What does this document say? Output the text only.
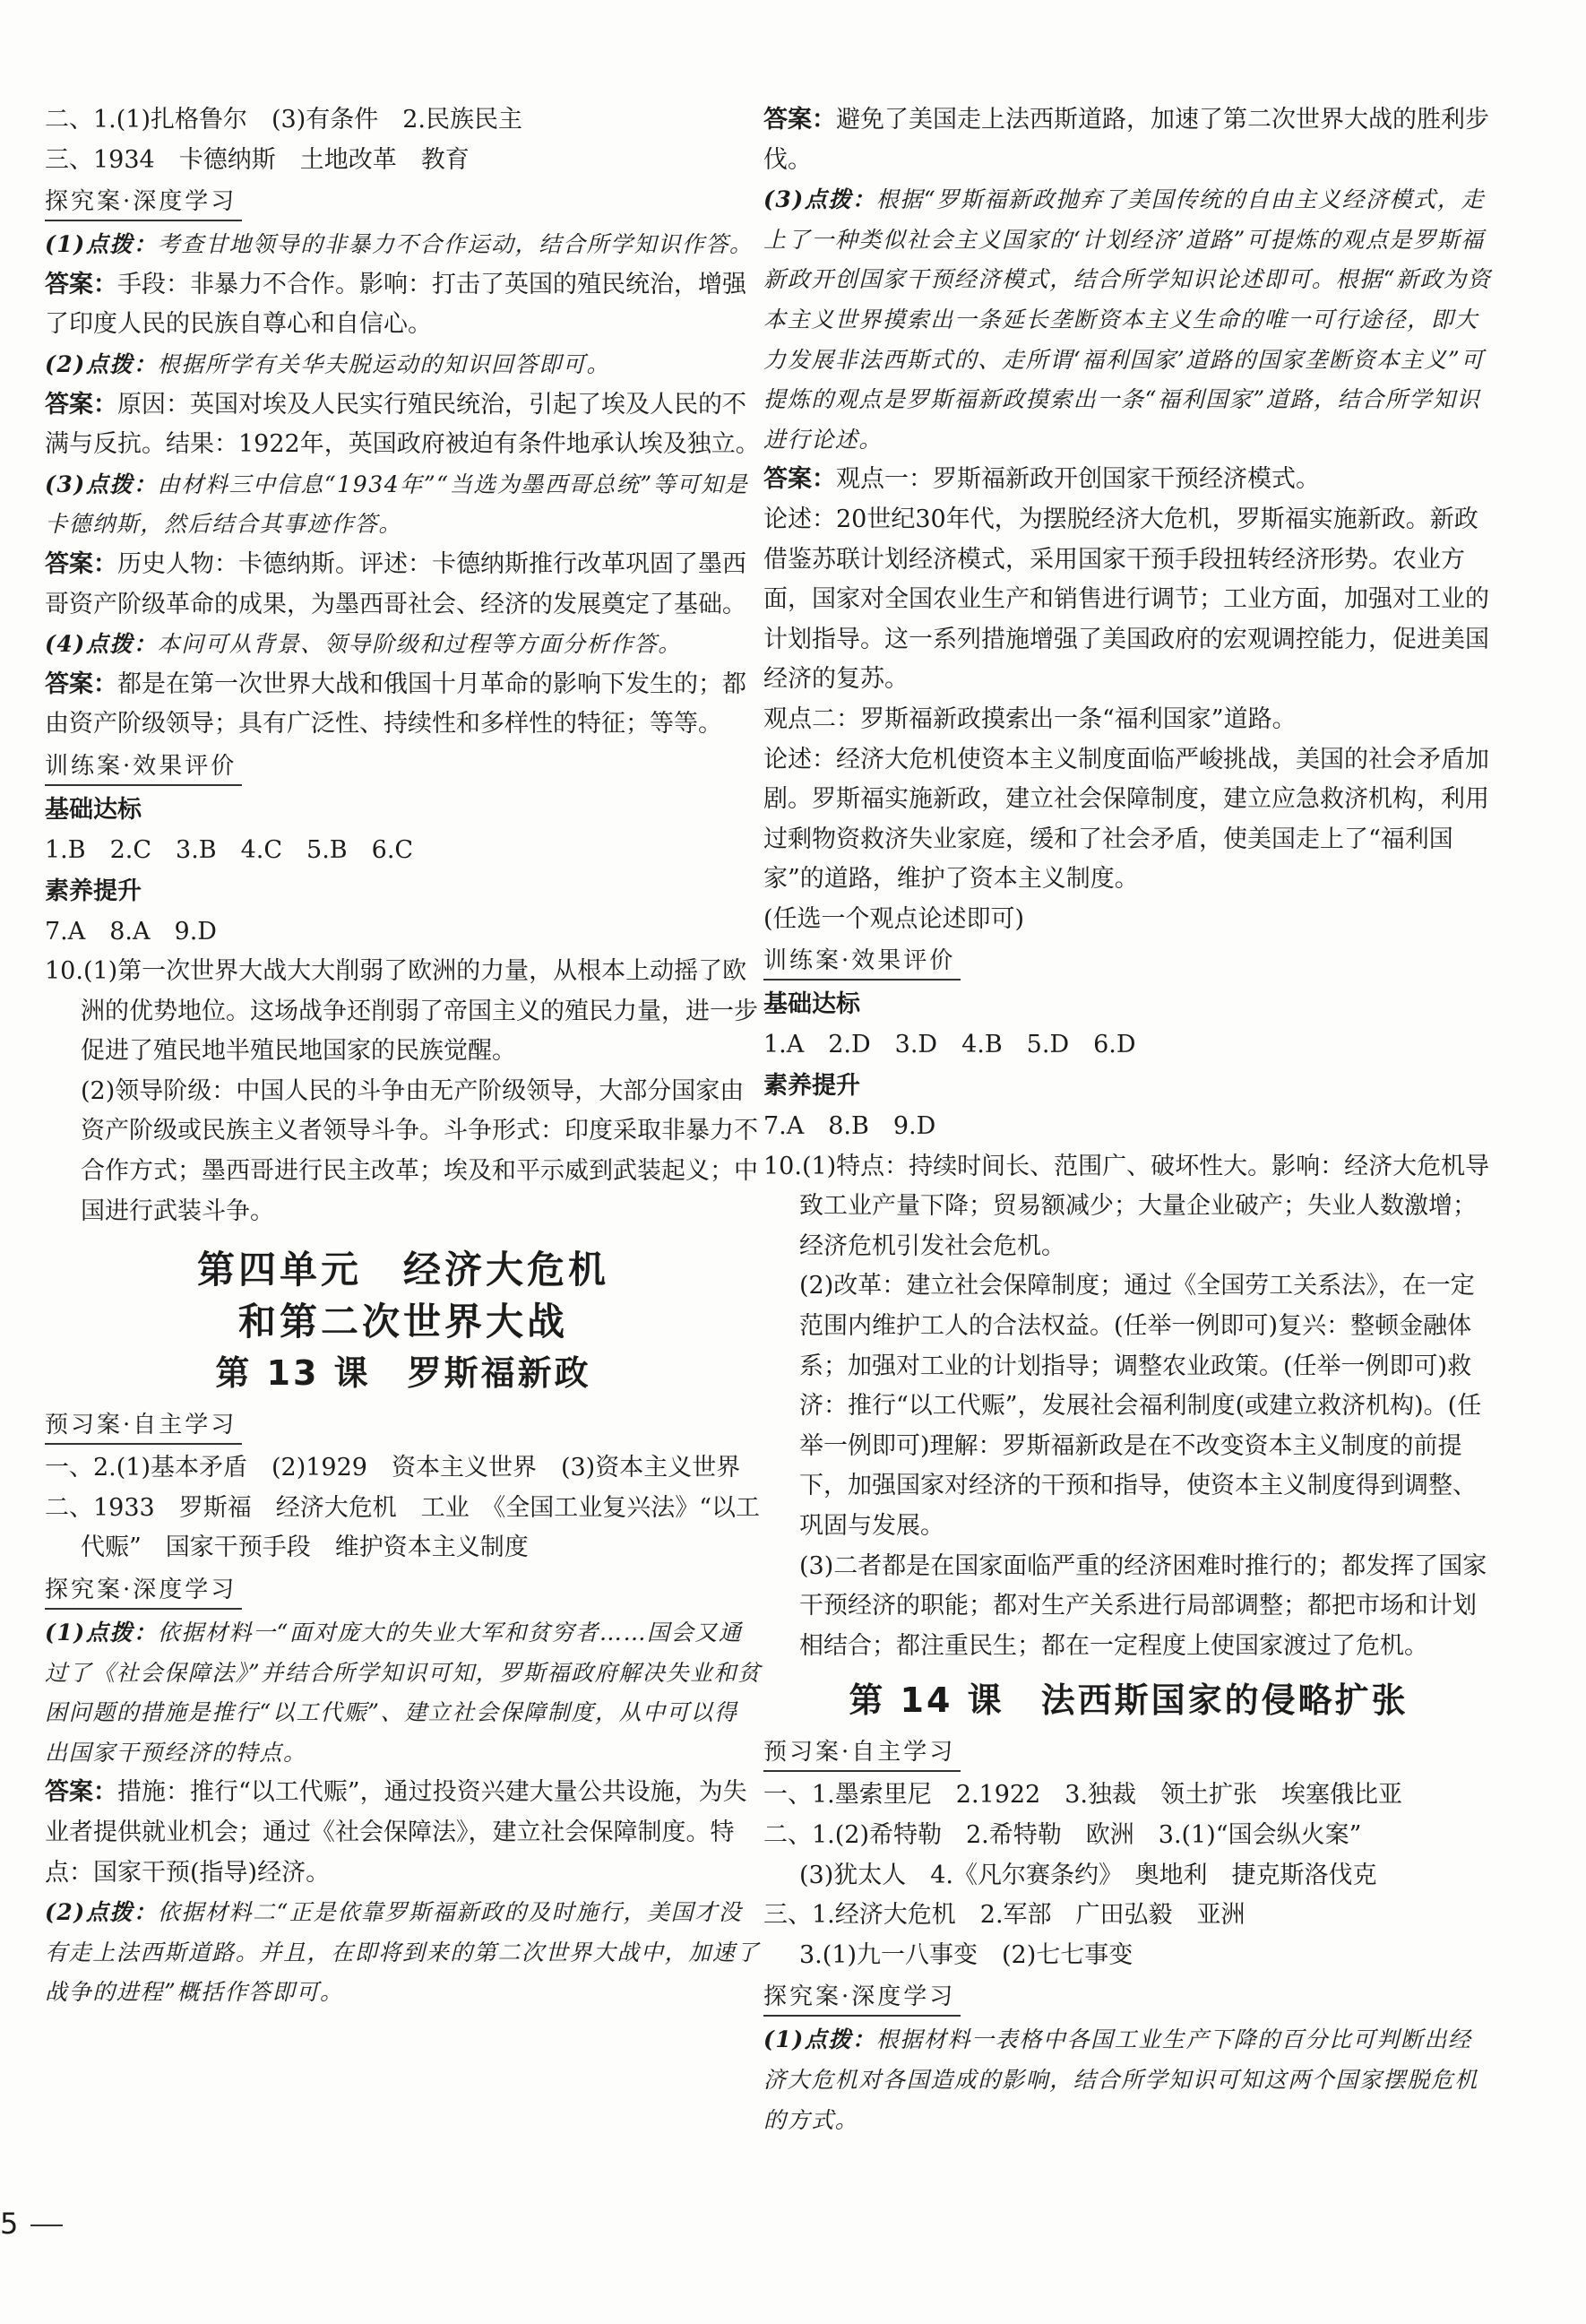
二、1.(1)扎格鲁尔　(3)有条件　2.民族民主

三、1934　卡德纳斯　土地改革　教育

探究案·深度学习

(1)点拨：考查甘地领导的非暴力不合作运动，结合所学知识作答。

答案：手段：非暴力不合作。影响：打击了英国的殖民统治，增强了印度人民的民族自尊心和自信心。

(2)点拨：根据所学有关华夫脱运动的知识回答即可。

答案：原因：英国对埃及人民实行殖民统治，引起了埃及人民的不满与反抗。结果：1922年，英国政府被迫有条件地承认埃及独立。

(3)点拨：由材料三中信息“1934年”“当选为墨西哥总统”等可知是卡德纳斯，然后结合其事迹作答。

答案：历史人物：卡德纳斯。评述：卡德纳斯推行改革巩固了墨西哥资产阶级革命的成果，为墨西哥社会、经济的发展奠定了基础。

(4)点拨：本问可从背景、领导阶级和过程等方面分析作答。

答案：都是在第一次世界大战和俄国十月革命的影响下发生的；都由资产阶级领导；具有广泛性、持续性和多样性的特征；等等。

训练案·效果评价

基础达标

1.B　2.C　3.B　4.C　5.B　6.C

素养提升

7.A　8.A　9.D

10.(1)第一次世界大战大大削弱了欧洲的力量，从根本上动摇了欧洲的优势地位。这场战争还削弱了帝国主义的殖民力量，进一步促进了殖民地半殖民地国家的民族觉醒。

(2)领导阶级：中国人民的斗争由无产阶级领导，大部分国家由资产阶级或民族主义者领导斗争。斗争形式：印度采取非暴力不合作方式；墨西哥进行民主改革；埃及和平示威到武装起义；中国进行武装斗争。

第四单元　经济大危机
和第二次世界大战
第 13 课　罗斯福新政
预习案·自主学习

一、2.(1)基本矛盾　(2)1929　资本主义世界　(3)资本主义世界

二、1933　罗斯福　经济大危机　工业　《全国工业复兴法》“以工代赈”　国家干预手段　维护资本主义制度

探究案·深度学习

(1)点拨：依据材料一“面对庞大的失业大军和贫穷者……国会又通过了《社会保障法》”并结合所学知识可知，罗斯福政府解决失业和贫困问题的措施是推行“以工代赈”、建立社会保障制度，从中可以得出国家干预经济的特点。

答案：措施：推行“以工代赈”，通过投资兴建大量公共设施，为失业者提供就业机会；通过《社会保障法》，建立社会保障制度。特点：国家干预(指导)经济。

(2)点拨：依据材料二“正是依靠罗斯福新政的及时施行，美国才没有走上法西斯道路。并且，在即将到来的第二次世界大战中，加速了战争的进程”概括作答即可。

答案：避免了美国走上法西斯道路，加速了第二次世界大战的胜利步伐。

(3)点拨：根据“罗斯福新政抛弃了美国传统的自由主义经济模式，走上了一种类似社会主义国家的‘计划经济’道路”可提炼的观点是罗斯福新政开创国家干预经济模式，结合所学知识论述即可。根据“新政为资本主义世界摸索出一条延长垄断资本主义生命的唯一可行途径，即大力发展非法西斯式的、走所谓‘福利国家’道路的国家垄断资本主义”可提炼的观点是罗斯福新政摸索出一条“福利国家”道路，结合所学知识进行论述。

答案：观点一：罗斯福新政开创国家干预经济模式。

论述：20世纪30年代，为摆脱经济大危机，罗斯福实施新政。新政借鉴苏联计划经济模式，采用国家干预手段扭转经济形势。农业方面，国家对全国农业生产和销售进行调节；工业方面，加强对工业的计划指导。这一系列措施增强了美国政府的宏观调控能力，促进美国经济的复苏。

观点二：罗斯福新政摸索出一条“福利国家”道路。

论述：经济大危机使资本主义制度面临严峻挑战，美国的社会矛盾加剧。罗斯福实施新政，建立社会保障制度，建立应急救济机构，利用过剩物资救济失业家庭，缓和了社会矛盾，使美国走上了“福利国家”的道路，维护了资本主义制度。

(任选一个观点论述即可)

训练案·效果评价

基础达标

1.A　2.D　3.D　4.B　5.D　6.D

素养提升

7.A　8.B　9.D

10.(1)特点：持续时间长、范围广、破坏性大。影响：经济大危机导致工业产量下降；贸易额减少；大量企业破产；失业人数激增；经济危机引发社会危机。

(2)改革：建立社会保障制度；通过《全国劳工关系法》，在一定范围内维护工人的合法权益。(任举一例即可)复兴：整顿金融体系；加强对工业的计划指导；调整农业政策。(任举一例即可)救济：推行“以工代赈”，发展社会福利制度(或建立救济机构)。(任举一例即可)理解：罗斯福新政是在不改变资本主义制度的前提下，加强国家对经济的干预和指导，使资本主义制度得到调整、巩固与发展。

(3)二者都是在国家面临严重的经济困难时推行的；都发挥了国家干预经济的职能；都对生产关系进行局部调整；都把市场和计划相结合；都注重民生；都在一定程度上使国家渡过了危机。

第 14 课　法西斯国家的侵略扩张
预习案·自主学习

一、1.墨索里尼　2.1922　3.独裁　领土扩张　埃塞俄比亚

二、1.(2)希特勒　2.希特勒　欧洲　3.(1)“国会纵火案”

(3)犹太人　4.《凡尔赛条约》　奥地利　捷克斯洛伐克

三、1.经济大危机　2.军部　广田弘毅　亚洲

3.(1)九一八事变　(2)七七事变

探究案·深度学习

(1)点拨：根据材料一表格中各国工业生产下降的百分比可判断出经济大危机对各国造成的影响，结合所学知识可知这两个国家摆脱危机的方式。

5
